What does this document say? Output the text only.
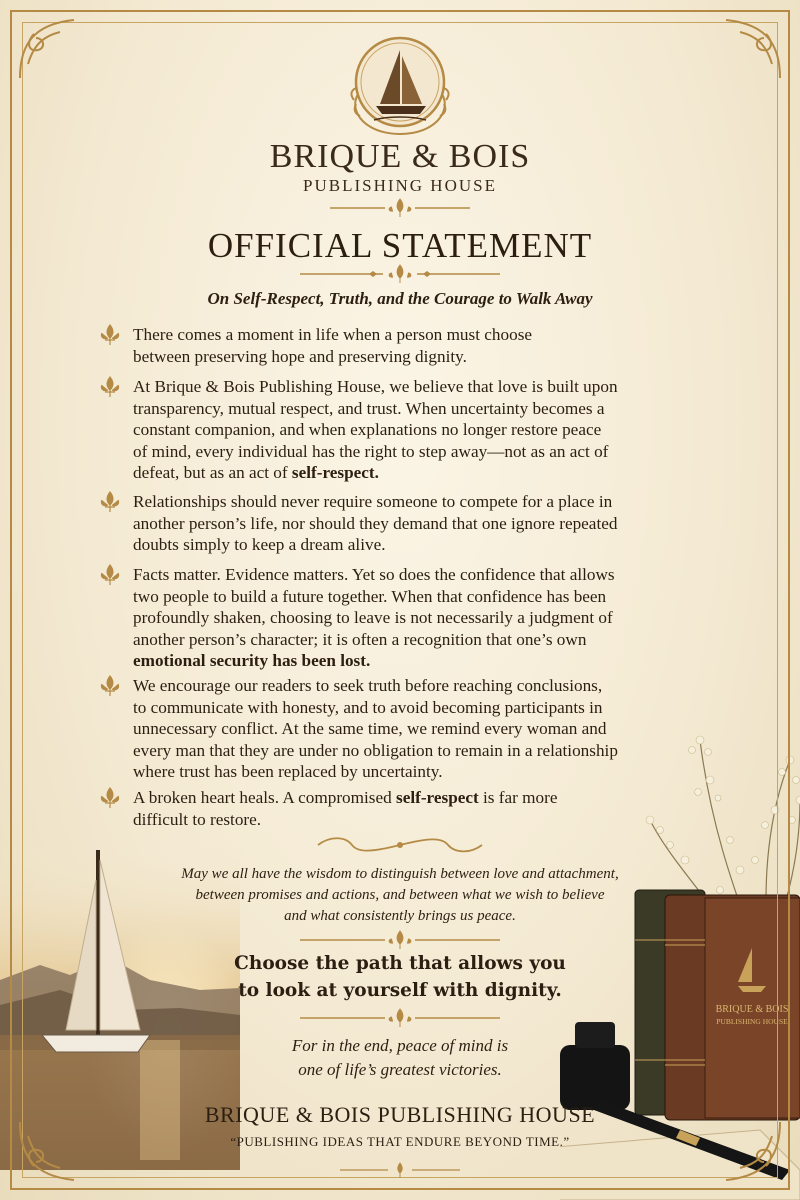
BRIQUE & BOIS
PUBLISHING HOUSE
BRIQUE & BOIS
PUBLISHING HOUSE
OFFICIAL STATEMENT
On Self-Respect, Truth, and the Courage to Walk Away
There comes a moment in life when a person must choose
between preserving hope and preserving dignity.
At Brique & Bois Publishing House, we believe that love is built upon
transparency, mutual respect, and trust. When uncertainty becomes a
constant companion, and when explanations no longer restore peace
of mind, every individual has the right to step away—not as an act of
defeat, but as an act of self-respect.
Relationships should never require someone to compete for a place in
another person’s life, nor should they demand that one ignore repeated
doubts simply to keep a dream alive.
Facts matter. Evidence matters. Yet so does the confidence that allows
two people to build a future together. When that confidence has been
profoundly shaken, choosing to leave is not necessarily a judgment of
another person’s character; it is often a recognition that one’s own
emotional security has been lost.
We encourage our readers to seek truth before reaching conclusions,
to communicate with honesty, and to avoid becoming participants in
unnecessary conflict. At the same time, we remind every woman and
every man that they are under no obligation to remain in a relationship
where trust has been replaced by uncertainty.
A broken heart heals. A compromised self-respect is far more
difficult to restore.
May we all have the wisdom to distinguish between love and attachment,
between promises and actions, and between what we wish to believe
and what consistently brings us peace.
Choose the path that allows you
to look at yourself with dignity.
For in the end, peace of mind is
one of life’s greatest victories.
BRIQUE & BOIS PUBLISHING HOUSE
“PUBLISHING IDEAS THAT ENDURE BEYOND TIME.”
